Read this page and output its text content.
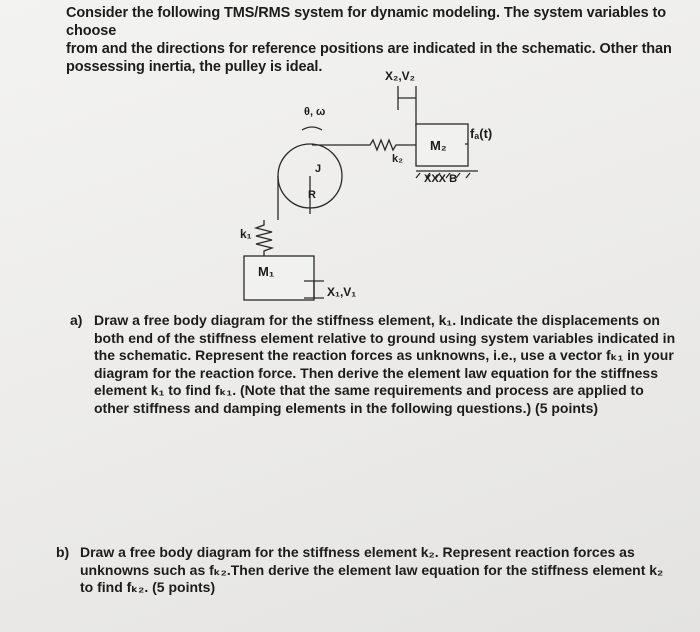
Consider the following TMS/RMS system for dynamic modeling. The system variables to choose

from and the directions for reference positions are indicated in the schematic. Other than

possessing inertia, the pulley is ideal.

X₂,V₂
θ, ω
M₂
fₐ(t)
k₂
J
R
XXX B
k₁
M₁
X₁,V₁
a) Draw a free body diagram for the stiffness element, k₁. Indicate the displacements on
both end of the stiffness element relative to ground using system variables indicated in
the schematic. Represent the reaction forces as unknowns, i.e., use a vector fₖ₁ in your
diagram for the reaction force. Then derive the element law equation for the stiffness
element k₁ to find fₖ₁. (Note that the same requirements and process are applied to
other stiffness and damping elements in the following questions.) (5 points)
b) Draw a free body diagram for the stiffness element k₂. Represent reaction forces as
unknowns such as fₖ₂.Then derive the element law equation for the stiffness element k₂
to find fₖ₂. (5 points)
